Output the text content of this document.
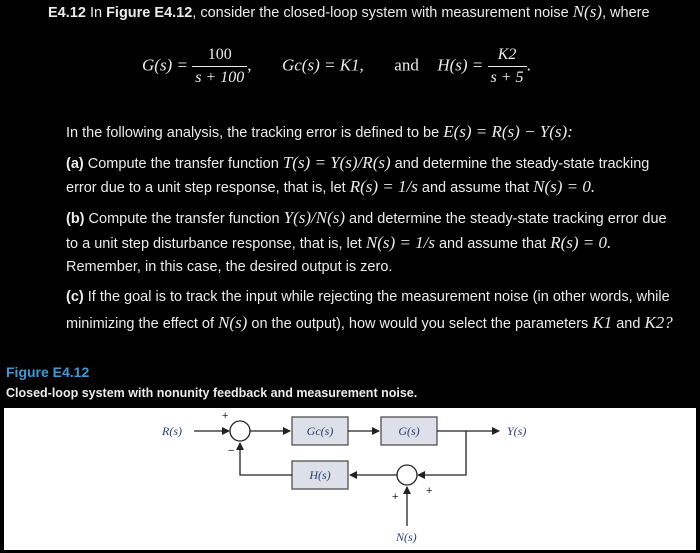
E4.12 In Figure E4.12, consider the closed-loop system with measurement noise N(s), where
$G(s) = \frac{100}{s + 100}$ , Gc(s) = K1, and $H(s) = \frac{K2}{s + 5}$ .
In the following analysis, the tracking error is defined to be E(s) = R(s) − Y(s):
(a) Compute the transfer function T(s) = Y(s)/R(s) and determine the steady-state tracking
error due to a unit step response, that is, let R(s) = 1/s and assume that N(s) = 0.
(b) Compute the transfer function Y(s)/N(s) and determine the steady-state tracking error due
to a unit step disturbance response, that is, let N(s) = 1/s and assume that R(s) = 0.
Remember, in this case, the desired output is zero.
(c) If the goal is to track the input while rejecting the measurement noise (in other words, while
minimizing the effect of N(s) on the output), how would you select the parameters K1 and K2?
Figure E4.12
Closed-loop system with nonunity feedback and measurement noise.
R(s)
+
−
Gc(s)	G(s)	Y(s)
+
+
N(s)
H(s)
